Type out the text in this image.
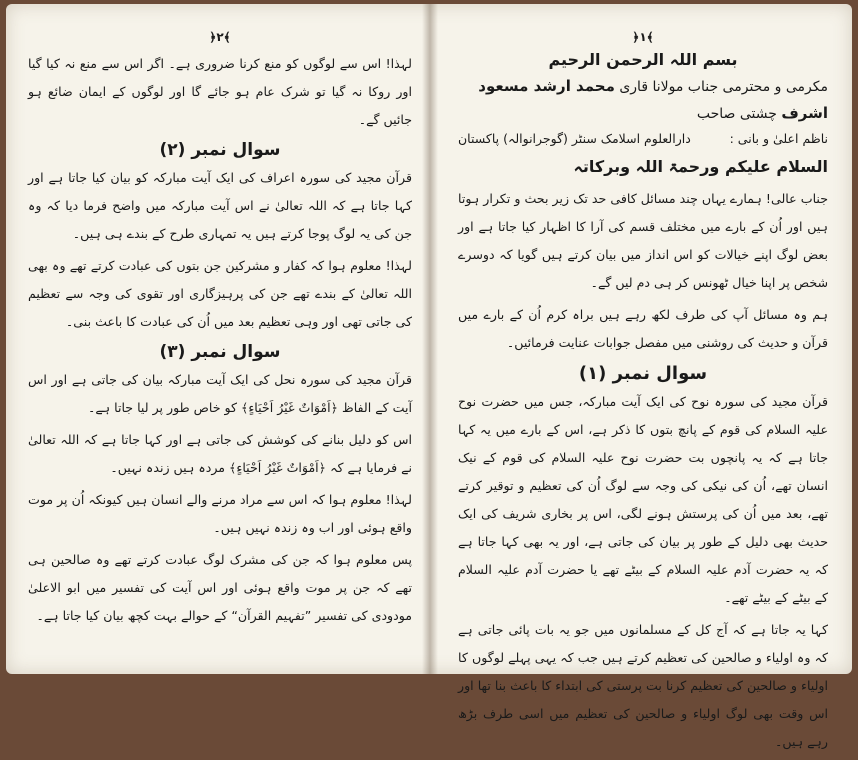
﴿۲﴾

لہذا! اس سے لوگوں کو منع کرنا ضروری ہے۔ اگر اس سے منع نہ کیا گیا اور روکا نہ گیا تو شرک عام ہو جائے گا اور لوگوں کے ایمان ضائع ہو جائیں گے۔

سوال نمبر (۲)

قرآن مجید کی سورہ اعراف کی ایک آیت مبارکہ کو بیان کیا جاتا ہے اور کہا جاتا ہے کہ اللہ تعالیٰ نے اس آیت مبارکہ میں واضح فرما دیا کہ وہ جن کی یہ لوگ پوجا کرتے ہیں یہ تمہاری طرح کے بندے ہی ہیں۔

لہذا! معلوم ہوا کہ کفار و مشرکین جن بتوں کی عبادت کرتے تھے وہ بھی اللہ تعالیٰ کے بندے تھے جن کی پرہیزگاری اور تقوی کی وجہ سے تعظیم کی جاتی تھی اور وہی تعظیم بعد میں اُن کی عبادت کا باعث بنی۔

سوال نمبر (۳)

قرآن مجید کی سورہ نحل کی ایک آیت مبارکہ بیان کی جاتی ہے اور اس آیت کے الفاظ ﴿اَمْوَاتٌ غَيْرُ اَحْيَاءٍ﴾ کو خاص طور پر لیا جاتا ہے۔

اس کو دلیل بنانے کی کوشش کی جاتی ہے اور کہا جاتا ہے کہ اللہ تعالیٰ نے فرمایا ہے کہ ﴿اَمْوَاتٌ غَيْرُ اَحْيَاءٍ﴾ مردہ ہیں زندہ نہیں۔

لہذا! معلوم ہوا کہ اس سے مراد مرنے والے انسان ہیں کیونکہ اُن پر موت واقع ہوئی اور اب وہ زندہ نہیں ہیں۔

پس معلوم ہوا کہ جن کی مشرک لوگ عبادت کرتے تھے وہ صالحین ہی تھے کہ جن پر موت واقع ہوئی اور اس آیت کی تفسیر میں ابو الاعلیٰ مودودی کی تفسیر ”تفہیم القرآن“ کے حوالے بہت کچھ بیان کیا جاتا ہے۔

﴿۱﴾
بسم اللہ الرحمن الرحیم
مکرمی و محترمی جناب مولانا قاری محمد ارشد مسعود اشرف چشتی صاحب
ناظم اعلیٰ و بانی :
دارالعلوم اسلامک سنٹر (گوجرانوالہ) پاکستان
السلام علیکم ورحمۃ اللہ وبرکاتہ

جناب عالی! ہمارے یہاں چند مسائل کافی حد تک زیر بحث و تکرار ہوتا ہیں اور اُن کے بارے میں مختلف قسم کی آرا کا اظہار کیا جاتا ہے اور بعض لوگ اپنے خیالات کو اس انداز میں بیان کرتے ہیں گویا کہ دوسرے شخص پر اپنا خیال ٹھونس کر ہی دم لیں گے۔

ہم وہ مسائل آپ کی طرف لکھ رہے ہیں براہ کرم اُن کے بارے میں قرآن و حدیث کی روشنی میں مفصل جوابات عنایت فرمائیں۔

سوال نمبر (۱)

قرآن مجید کی سورہ نوح کی ایک آیت مبارکہ، جس میں حضرت نوح علیہ السلام کی قوم کے پانچ بتوں کا ذکر ہے، اس کے بارے میں یہ کہا جاتا ہے کہ یہ پانچوں بت حضرت نوح علیہ السلام کی قوم کے نیک انسان تھے، اُن کی نیکی کی وجہ سے لوگ اُن کی تعظیم و توقیر کرتے تھے، بعد میں اُن کی پرستش ہونے لگی، اس پر بخاری شریف کی ایک حدیث بھی دلیل کے طور پر بیان کی جاتی ہے، اور یہ بھی کہا جاتا ہے کہ یہ حضرت آدم علیہ السلام کے بیٹے تھے یا حضرت آدم علیہ السلام کے بیٹے کے بیٹے تھے۔

کہا یہ جاتا ہے کہ آج کل کے مسلمانوں میں جو یہ بات پائی جاتی ہے کہ وہ اولیاء و صالحین کی تعظیم کرتے ہیں جب کہ یہی پہلے لوگوں کا اولیاء و صالحین کی تعظیم کرنا بت پرستی کی ابتداء کا باعث بنا تھا اور اس وقت بھی لوگ اولیاء و صالحین کی تعظیم میں اسی طرف بڑھ رہے ہیں۔
